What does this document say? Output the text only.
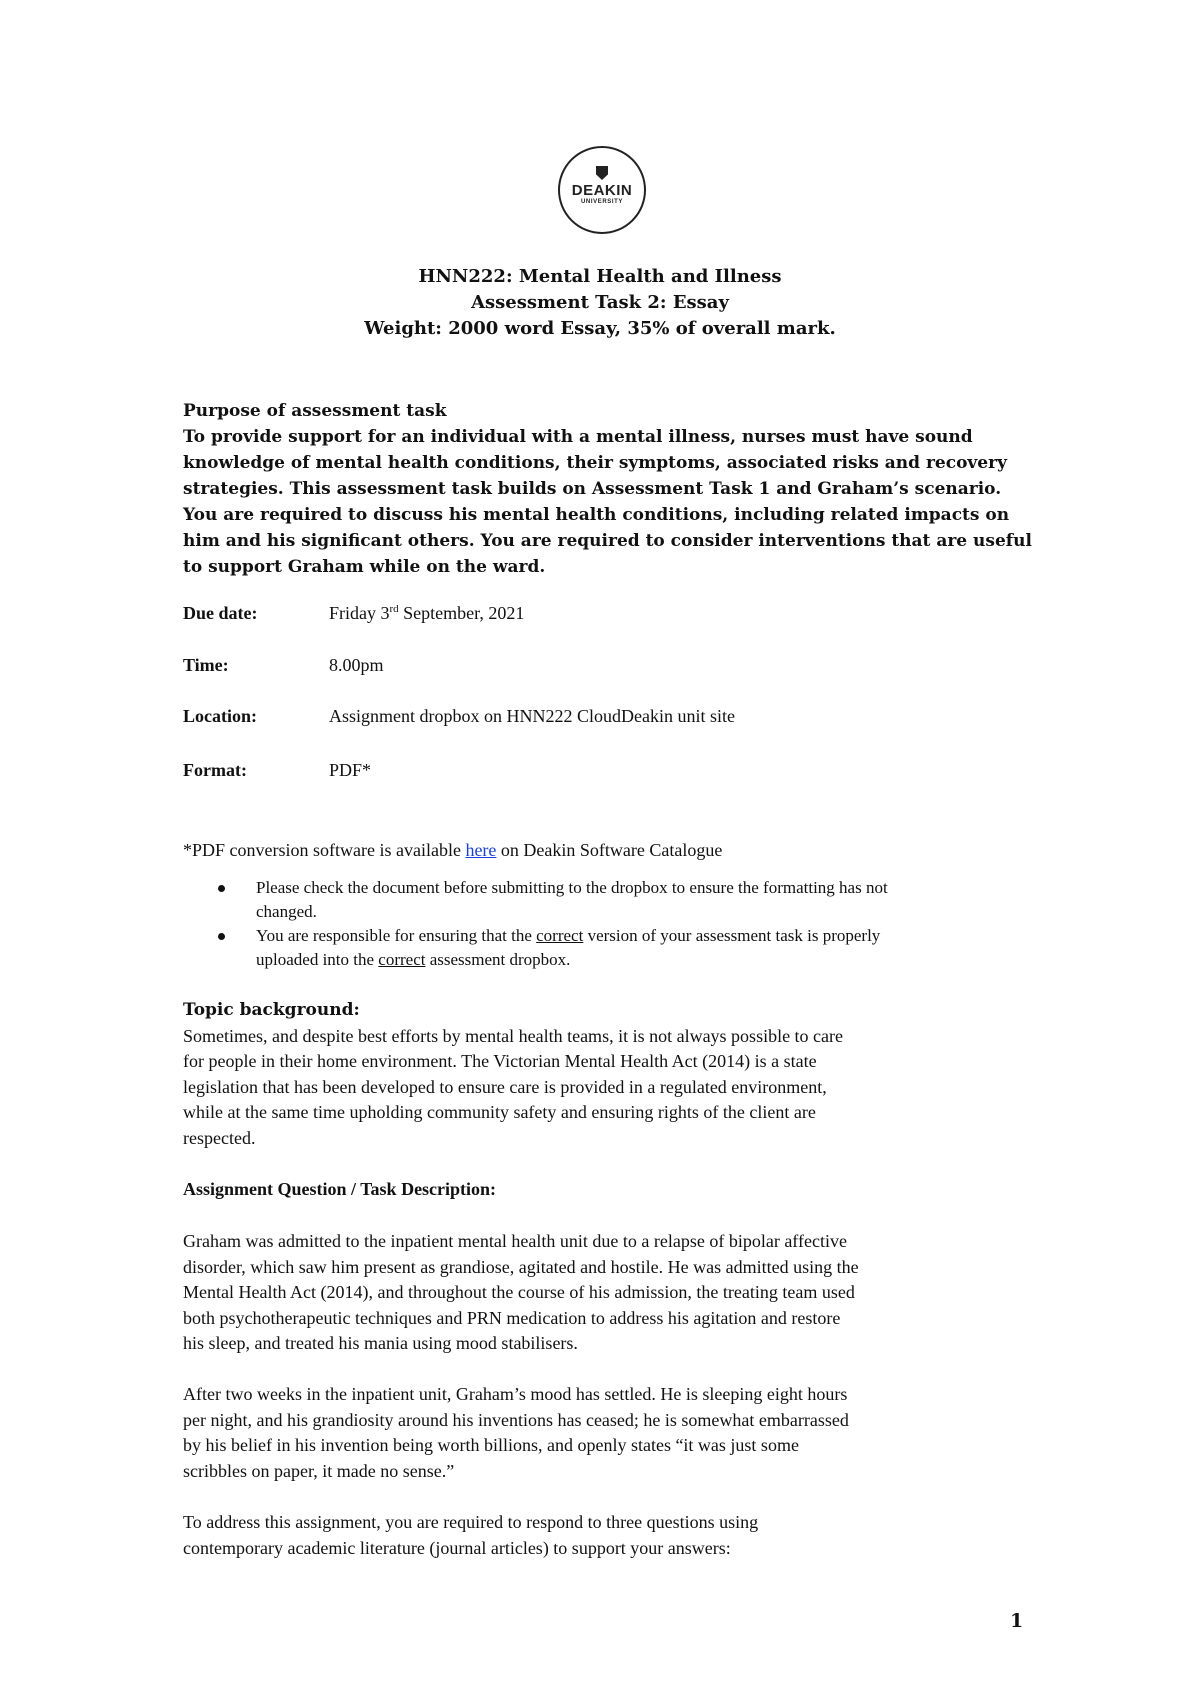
DEAKIN
UNIVERSITY
HNN222: Mental Health and Illness
Assessment Task 2: Essay
Weight: 2000 word Essay, 35% of overall mark.
Purpose of assessment task
To provide support for an individual with a mental illness, nurses must have sound
knowledge of mental health conditions, their symptoms, associated risks and recovery
strategies. This assessment task builds on Assessment Task 1 and Graham’s scenario.
You are required to discuss his mental health conditions, including related impacts on
him and his significant others. You are required to consider interventions that are useful
to support Graham while on the ward.
Due date:	Friday 3rd September, 2021
Time:	8.00pm
Location:	Assignment dropbox on HNN222 CloudDeakin unit site
Format:	PDF*
*PDF conversion software is available here on Deakin Software Catalogue
Please check the document before submitting to the dropbox to ensure the formatting has not
changed.
You are responsible for ensuring that the correct version of your assessment task is properly
uploaded into the correct assessment dropbox.
Topic background:
Sometimes, and despite best efforts by mental health teams, it is not always possible to care
for people in their home environment. The Victorian Mental Health Act (2014) is a state
legislation that has been developed to ensure care is provided in a regulated environment,
while at the same time upholding community safety and ensuring rights of the client are
respected.
Assignment Question / Task Description:
Graham was admitted to the inpatient mental health unit due to a relapse of bipolar affective
disorder, which saw him present as grandiose, agitated and hostile. He was admitted using the
Mental Health Act (2014), and throughout the course of his admission, the treating team used
both psychotherapeutic techniques and PRN medication to address his agitation and restore
his sleep, and treated his mania using mood stabilisers.
After two weeks in the inpatient unit, Graham’s mood has settled. He is sleeping eight hours
per night, and his grandiosity around his inventions has ceased; he is somewhat embarrassed
by his belief in his invention being worth billions, and openly states “it was just some
scribbles on paper, it made no sense.”
To address this assignment, you are required to respond to three questions using
contemporary academic literature (journal articles) to support your answers:
1
